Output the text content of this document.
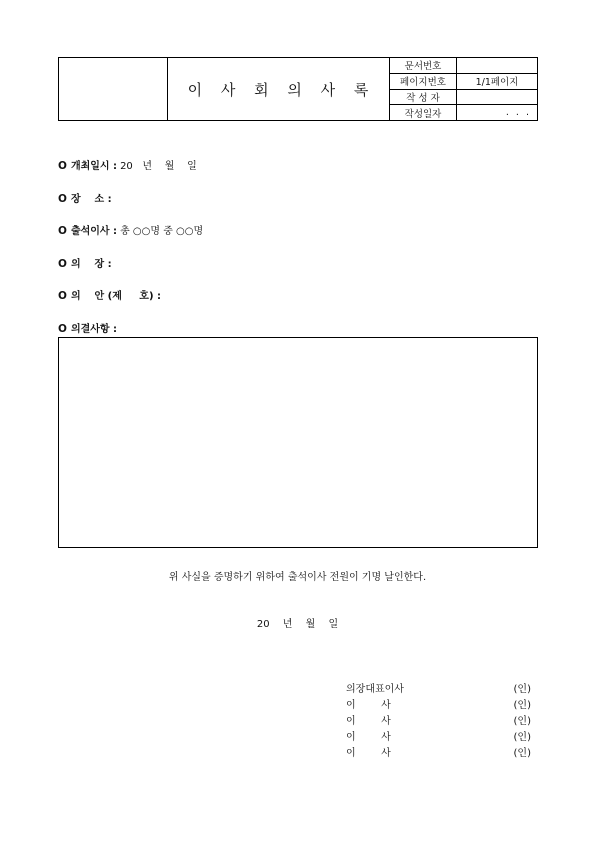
이 사 회 의 사 록
문서번호
페이지번호	1/1페이지
작 성 자
작성일자	. . .
O 개최일시 : 20   년    월    일
O 장    소 :
O 출석이사 : 총 ○○명 중 ○○명
O 의    장 :
O 의    안 (제     호) :
O 의결사항 :
위 사실을 증명하기 위하여 출석이사 전원이 기명 날인한다.
20 년 월 일
의장대표이사	(인)
이        사	(인)
이        사	(인)
이        사	(인)
이        사	(인)
